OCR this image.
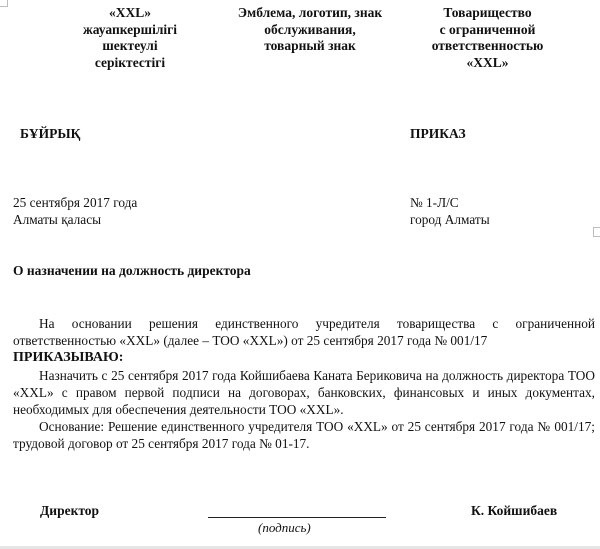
«XXL»
жауапкершілігі
шектеулі
серіктестігі
Эмблема, логотип, знак
обслуживания,
товарный знак
Товарищество
с ограниченной
ответственностью
«XXL»
БҰЙРЫҚ	ПРИКАЗ
25 сентября 2017 года
Алматы қаласы
№ 1-Л/С
город Алматы
О назначении на должность директора

На основании решения единственного учредителя товарищества с ограниченной ответственностью «XXL» (далее – ТОО «XXL») от 25 сентября 2017 года № 001/17

ПРИКАЗЫВАЮ:

Назначить с 25 сентября 2017 года Койшибаева Каната Бериковича на должность директора ТОО «XXL» с правом первой подписи на договорах, банковских, финансовых и иных документах, необходимых для обеспечения деятельности ТОО «XXL».

Основание: Решение единственного учредителя ТОО «XXL» от 25 сентября 2017 года № 001/17; трудовой договор от 25 сентября 2017 года № 01-17.

Директор
(подпись)
К. Койшибаев
